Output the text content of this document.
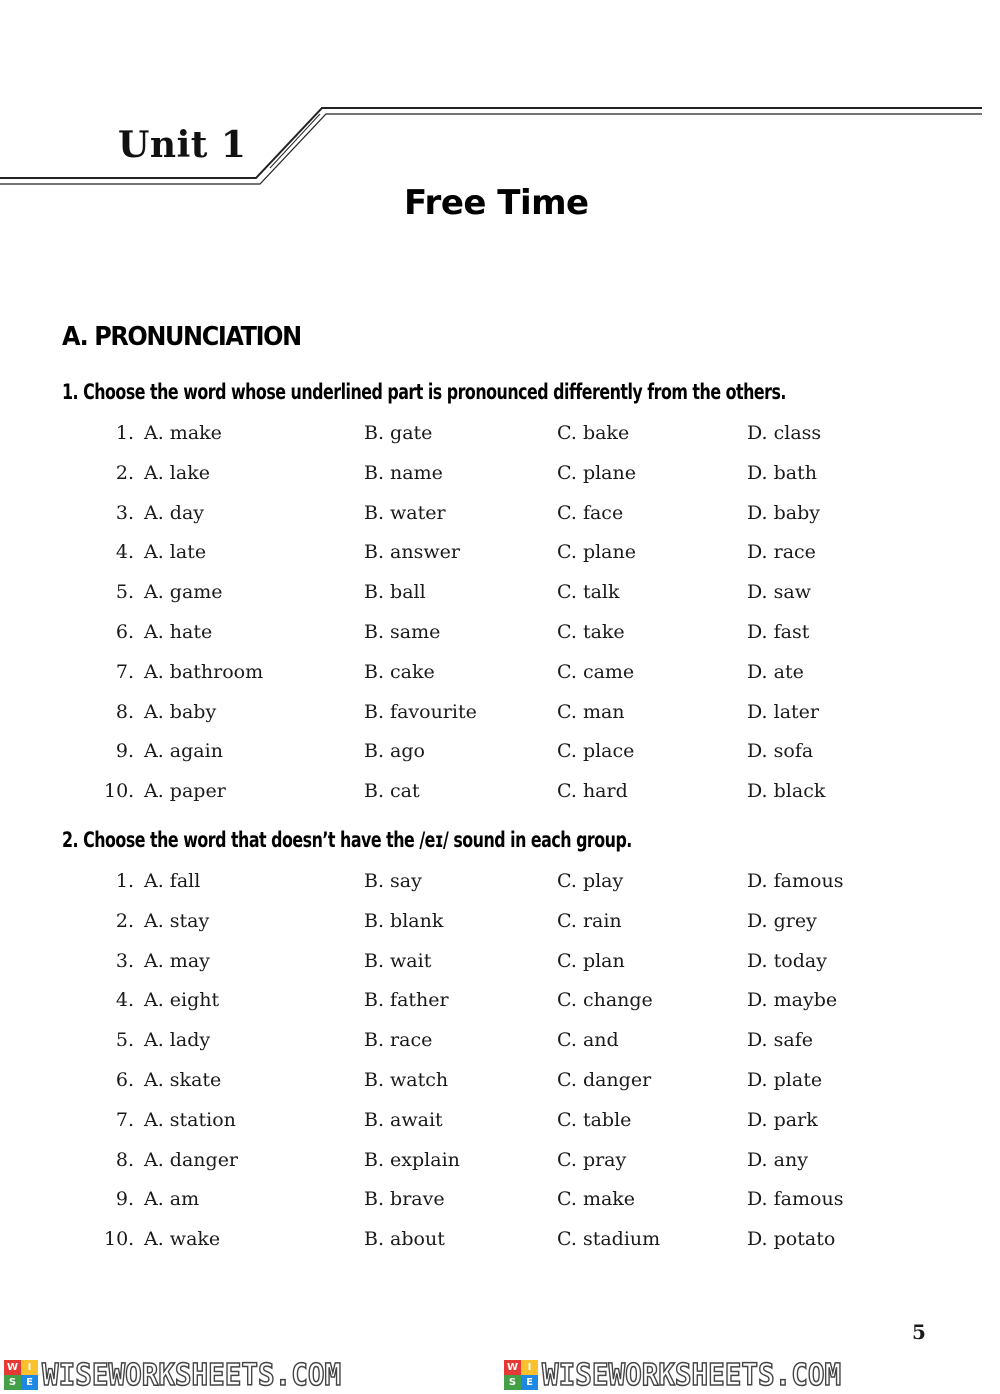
Unit 1
Free Time
A. PRONUNCIATION
1. Choose the word whose underlined part is pronounced differently from the others.
1. A. make	B. gate	C. bake	D. class
2. A. lake	B. name	C. plane	D. bath
3. A. day	B. water	C. face	D. baby
4. A. late	B. answer	C. plane	D. race
5. A. game	B. ball	C. talk	D. saw
6. A. hate	B. same	C. take	D. fast
7. A. bathroom	B. cake	C. came	D. ate
8. A. baby	B. favourite	C. man	D. later
9. A. again	B. ago	C. place	D. sofa
10. A. paper	B. cat	C. hard	D. black
2. Choose the word that doesn’t have the /eɪ/ sound in each group.
1. A. fall	B. say	C. play	D. famous
2. A. stay	B. blank	C. rain	D. grey
3. A. may	B. wait	C. plan	D. today
4. A. eight	B. father	C. change	D. maybe
5. A. lady	B. race	C. and	D. safe
6. A. skate	B. watch	C. danger	D. plate
7. A. station	B. await	C. table	D. park
8. A. danger	B. explain	C. pray	D. any
9. A. am	B. brave	C. make	D. famous
10. A. wake	B. about	C. stadium	D. potato
5
W I
S E WISEWORKSHEETS.COM	W I
S E WISEWORKSHEETS.COM
